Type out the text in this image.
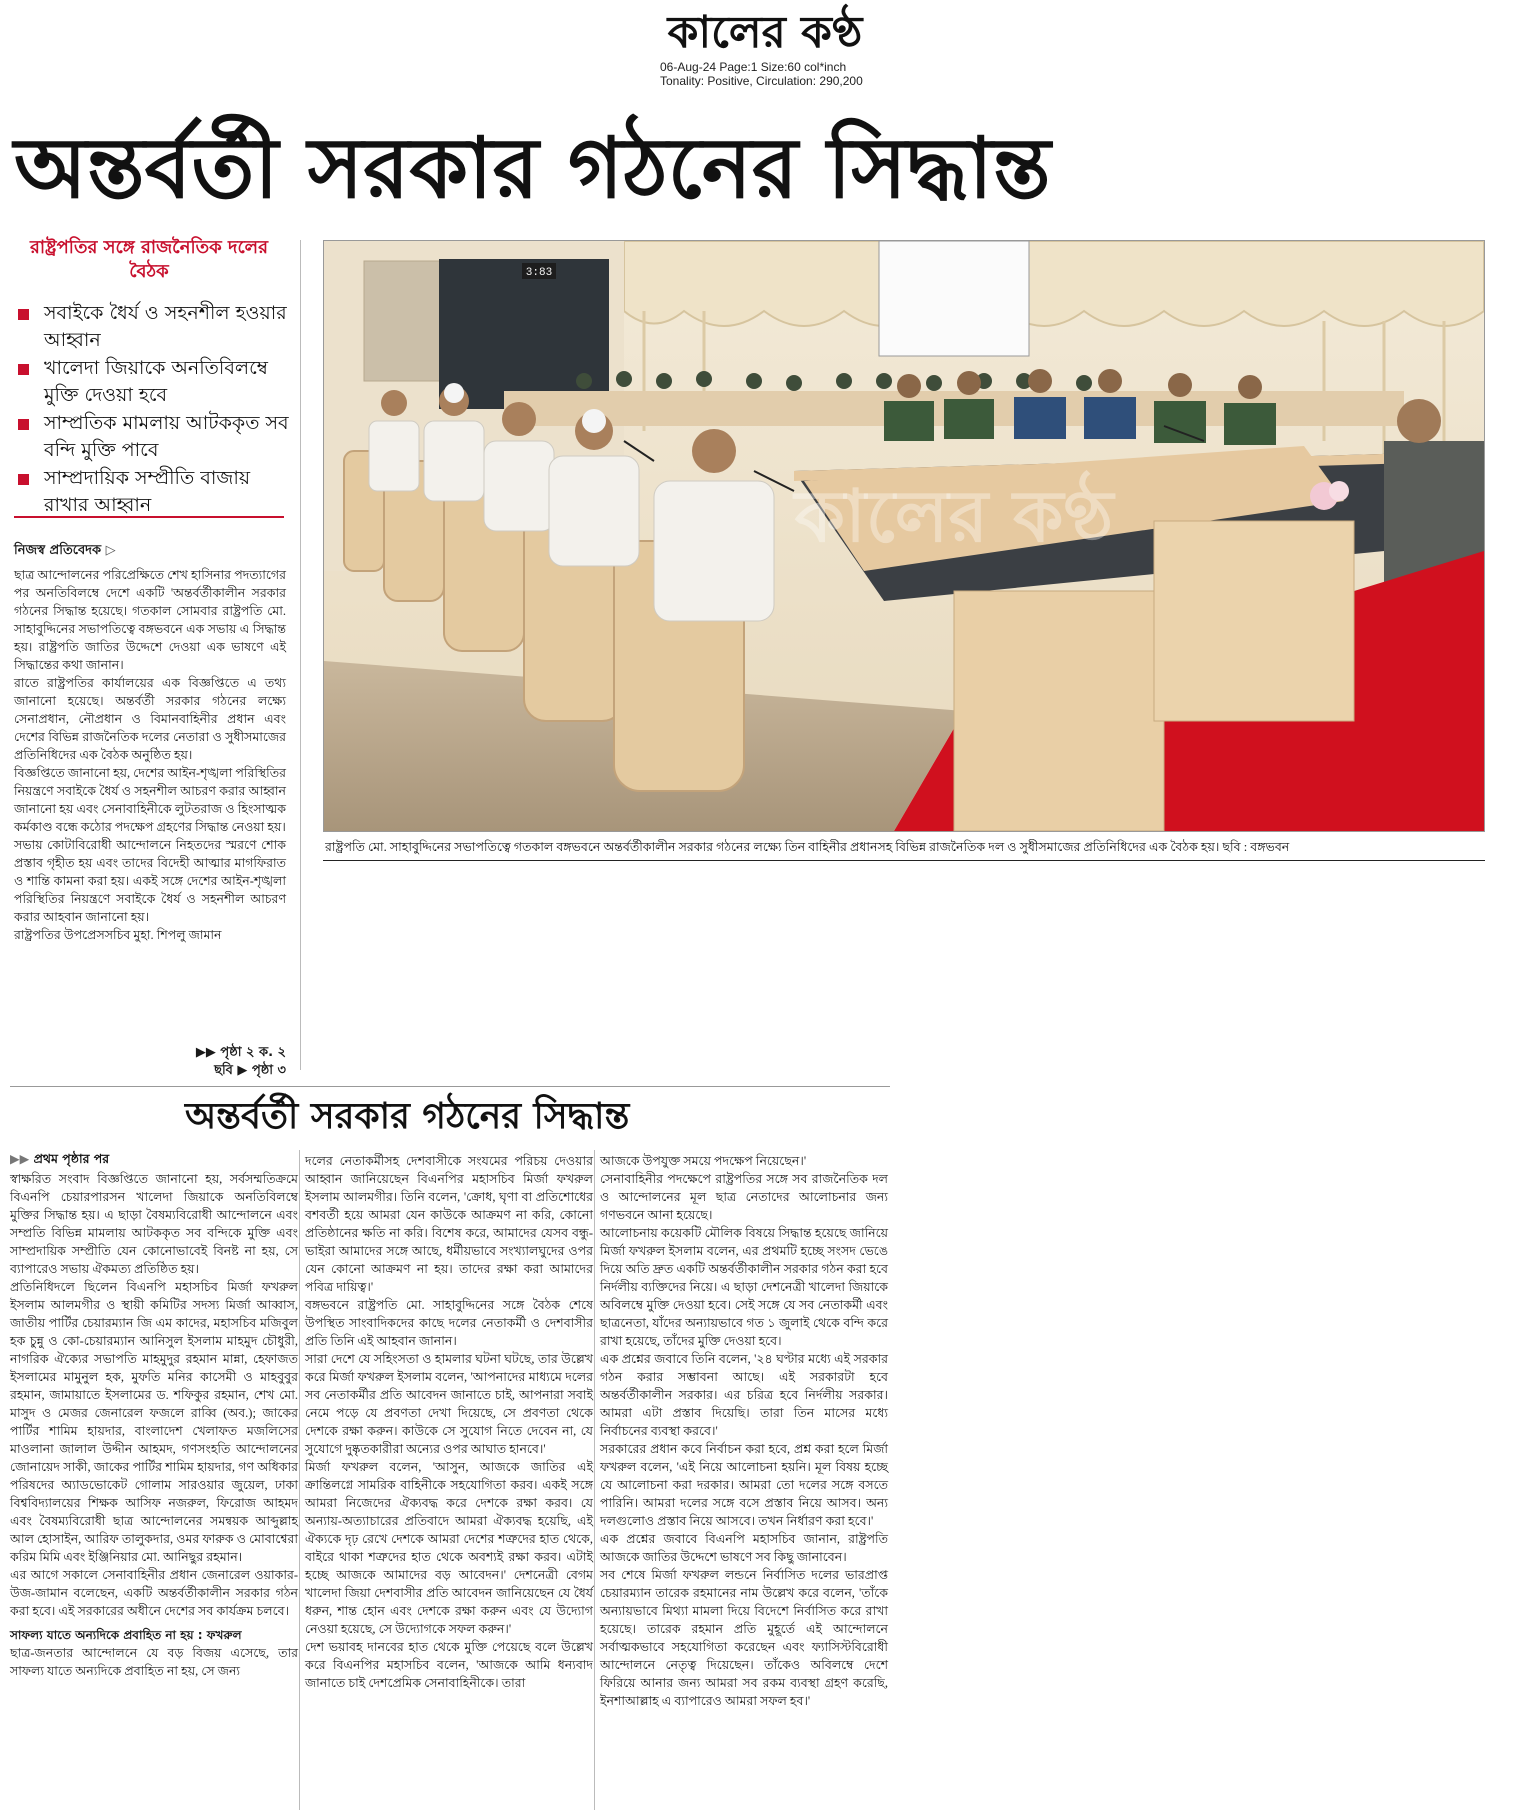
কালের কণ্ঠ
06-Aug-24 Page:1 Size:60 col*inch
Tonality: Positive, Circulation: 290,200
অন্তর্বর্তী সরকার গঠনের সিদ্ধান্ত
রাষ্ট্রপতির সঙ্গে রাজনৈতিক দলের বৈঠক
সবাইকে ধৈর্য ও সহনশীল হওয়ার আহ্বান
খালেদা জিয়াকে অনতিবিলম্বে মুক্তি দেওয়া হবে
সাম্প্রতিক মামলায় আটককৃত সব বন্দি মুক্তি পাবে
সাম্প্রদায়িক সম্প্রীতি বাজায় রাখার আহ্বান
নিজস্ব প্রতিবেদক ▷

ছাত্র আন্দোলনের পরিপ্রেক্ষিতে শেখ হাসিনার পদত্যাগের পর অনতিবিলম্বে দেশে একটি 'অন্তর্বর্তীকালীন সরকার গঠনের সিদ্ধান্ত হয়েছে। গতকাল সোমবার রাষ্ট্রপতি মো. সাহাবুদ্দিনের সভাপতিত্বে বঙ্গভবনে এক সভায় এ সিদ্ধান্ত হয়। রাষ্ট্রপতি জাতির উদ্দেশে দেওয়া এক ভাষণে এই সিদ্ধান্তের কথা জানান।

রাতে রাষ্ট্রপতির কার্যালয়ের এক বিজ্ঞপ্তিতে এ তথ্য জানানো হয়েছে। অন্তর্বর্তী সরকার গঠনের লক্ষ্যে সেনাপ্রধান, নৌপ্রধান ও বিমানবাহিনীর প্রধান এবং দেশের বিভিন্ন রাজনৈতিক দলের নেতারা ও সুধীসমাজের প্রতিনিধিদের এক বৈঠক অনুষ্ঠিত হয়।

বিজ্ঞপ্তিতে জানানো হয়, দেশের আইন-শৃঙ্খলা পরিস্থিতির নিয়ন্ত্রণে সবাইকে ধৈর্য ও সহনশীল আচরণ করার আহ্বান জানানো হয় এবং সেনাবাহিনীকে লুটতরাজ ও হিংসাত্মক কর্মকাণ্ড বন্ধে কঠোর পদক্ষেপ গ্রহণের সিদ্ধান্ত নেওয়া হয়।

সভায় কোটাবিরোধী আন্দোলনে নিহতদের স্মরণে শোক প্রস্তাব গৃহীত হয় এবং তাদের বিদেহী আত্মার মাগফিরাত ও শান্তি কামনা করা হয়। একই সঙ্গে দেশের আইন-শৃঙ্খলা পরিস্থিতির নিয়ন্ত্রণে সবাইকে ধৈর্য ও সহনশীল আচরণ করার আহবান জানানো হয়।

রাষ্ট্রপতির উপপ্রেসসচিব মুহা. শিপলু জামান

▶▶ পৃষ্ঠা ২ ক. ২
ছবি ▶ পৃষ্ঠা ৩
3:83
কালের কণ্ঠ
রাষ্ট্রপতি মো. সাহাবুদ্দিনের সভাপতিত্বে গতকাল বঙ্গভবনে অন্তর্বর্তীকালীন সরকার গঠনের লক্ষ্যে তিন বাহিনীর প্রধানসহ বিভিন্ন রাজনৈতিক দল ও সুধীসমাজের প্রতিনিধিদের এক বৈঠক হয়। ছবি : বঙ্গভবন
অন্তর্বর্তী সরকার গঠনের সিদ্ধান্ত
▶▶ প্রথম পৃষ্ঠার পর

স্বাক্ষরিত সংবাদ বিজ্ঞপ্তিতে জানানো হয়, সর্বসম্মতিক্রমে বিএনপি চেয়ারপারসন খালেদা জিয়াকে অনতিবিলম্বে মুক্তির সিদ্ধান্ত হয়। এ ছাড়া বৈষম্যবিরোধী আন্দোলনে এবং সম্প্রতি বিভিন্ন মামলায় আটককৃত সব বন্দিকে মুক্তি এবং সাম্প্রদায়িক সম্প্রীতি যেন কোনোভাবেই বিনষ্ট না হয়, সে ব্যাপারেও সভায় ঐকমত্য প্রতিষ্ঠিত হয়।

প্রতিনিধিদলে ছিলেন বিএনপি মহাসচিব মির্জা ফখরুল ইসলাম আলমগীর ও স্থায়ী কমিটির সদস্য মির্জা আব্বাস, জাতীয় পার্টির চেয়ারম্যান জি এম কাদের, মহাসচিব মজিবুল হক চুন্নু ও কো-চেয়ারম্যান আনিসুল ইসলাম মাহমুদ চৌধুরী, নাগরিক ঐক্যের সভাপতি মাহমুদুর রহমান মান্না, হেফাজত ইসলামের মামুনুল হক, মুফতি মনির কাসেমী ও মাহবুবুর রহমান, জামায়াতে ইসলামের ড. শফিকুর রহমান, শেখ মো. মাসুদ ও মেজর জেনারেল ফজলে রাব্বি (অব.); জাকের পার্টির শামিম হায়দার, বাংলাদেশ খেলাফত মজলিসের মাওলানা জালাল উদ্দীন আহমদ, গণসংহতি আন্দোলনের জোনায়েদ সাকী, জাকের পার্টির শামিম হায়দার, গণ অধিকার পরিষদের অ্যাডভোকেট গোলাম সারওয়ার জুয়েল, ঢাকা বিশ্ববিদ্যালয়ের শিক্ষক আসিফ নজরুল, ফিরোজ আহমদ এবং বৈষম্যবিরোধী ছাত্র আন্দোলনের সমন্বয়ক আব্দুল্লাহ আল হোসাইন, আরিফ তালুকদার, ওমর ফারুক ও মোবাশ্বেরা করিম মিমি এবং ইঞ্জিনিয়ার মো. আনিছুর রহমান।

এর আগে সকালে সেনাবাহিনীর প্রধান জেনারেল ওয়াকার-উজ-জামান বলেছেন, একটি অন্তর্বর্তীকালীন সরকার গঠন করা হবে। এই সরকারের অধীনে দেশের সব কার্যক্রম চলবে।

সাফল্য যাতে অন্যদিকে প্রবাহিত না হয় : ফখরুল

ছাত্র-জনতার আন্দোলনে যে বড় বিজয় এসেছে, তার সাফল্য যাতে অন্যদিকে প্রবাহিত না হয়, সে জন্য

দলের নেতাকর্মীসহ দেশবাসীকে সংযমের পরিচয় দেওয়ার আহ্বান জানিয়েছেন বিএনপির মহাসচিব মির্জা ফখরুল ইসলাম আলমগীর। তিনি বলেন, 'ক্রোধ, ঘৃণা বা প্রতিশোধের বশবর্তী হয়ে আমরা যেন কাউকে আক্রমণ না করি, কোনো প্রতিষ্ঠানের ক্ষতি না করি। বিশেষ করে, আমাদের যেসব বন্ধু-ভাইরা আমাদের সঙ্গে আছে, ধর্মীয়ভাবে সংখ্যালঘুদের ওপর যেন কোনো আক্রমণ না হয়। তাদের রক্ষা করা আমাদের পবিত্র দায়িত্ব।'

বঙ্গভবনে রাষ্ট্রপতি মো. সাহাবুদ্দিনের সঙ্গে বৈঠক শেষে উপস্থিত সাংবাদিকদের কাছে দলের নেতাকর্মী ও দেশবাসীর প্রতি তিনি এই আহবান জানান।

সারা দেশে যে সহিংসতা ও হামলার ঘটনা ঘটছে, তার উল্লেখ করে মির্জা ফখরুল ইসলাম বলেন, 'আপনাদের মাধ্যমে দলের সব নেতাকর্মীর প্রতি আবেদন জানাতে চাই, আপনারা সবাই নেমে পড়ে যে প্রবণতা দেখা দিয়েছে, সে প্রবণতা থেকে দেশকে রক্ষা করুন। কাউকে সে সুযোগ নিতে দেবেন না, যে সুযোগে দুষ্কৃতকারীরা অন্যের ওপর আঘাত হানবে।'

মির্জা ফখরুল বলেন, 'আসুন, আজকে জাতির এই ক্রান্তিলগ্নে সামরিক বাহিনীকে সহযোগিতা করব। একই সঙ্গে আমরা নিজেদের ঐক্যবদ্ধ করে দেশকে রক্ষা করব। যে অন্যায়-অত্যাচারের প্রতিবাদে আমরা ঐক্যবদ্ধ হয়েছি, এই ঐক্যকে দৃঢ় রেখে দেশকে আমরা দেশের শত্রুদের হাত থেকে, বাইরে থাকা শত্রুদের হাত থেকে অবশ্যই রক্ষা করব। এটাই হচ্ছে আজকে আমাদের বড় আবেদন।' দেশনেত্রী বেগম খালেদা জিয়া দেশবাসীর প্রতি আবেদন জানিয়েছেন যে ধৈর্য ধরুন, শান্ত হোন এবং দেশকে রক্ষা করুন এবং যে উদ্যোগ নেওয়া হয়েছে, সে উদ্যোগকে সফল করুন।'

দেশ ভয়াবহ দানবের হাত থেকে মুক্তি পেয়েছে বলে উল্লেখ করে বিএনপির মহাসচিব বলেন, 'আজকে আমি ধন্যবাদ জানাতে চাই দেশপ্রেমিক সেনাবাহিনীকে। তারা

আজকে উপযুক্ত সময়ে পদক্ষেপ নিয়েছেন।'

সেনাবাহিনীর পদক্ষেপে রাষ্ট্রপতির সঙ্গে সব রাজনৈতিক দল ও আন্দোলনের মূল ছাত্র নেতাদের আলোচনার জন্য গণভবনে আনা হয়েছে।

আলোচনায় কয়েকটি মৌলিক বিষয়ে সিদ্ধান্ত হয়েছে জানিয়ে মির্জা ফখরুল ইসলাম বলেন, এর প্রথমটি হচ্ছে সংসদ ভেঙে দিয়ে অতি দ্রুত একটি অন্তর্বর্তীকালীন সরকার গঠন করা হবে নির্দলীয় ব্যক্তিদের নিয়ে। এ ছাড়া দেশনেত্রী খালেদা জিয়াকে অবিলম্বে মুক্তি দেওয়া হবে। সেই সঙ্গে যে সব নেতাকর্মী এবং ছাত্রনেতা, যাঁদের অন্যায়ভাবে গত ১ জুলাই থেকে বন্দি করে রাখা হয়েছে, তাঁদের মুক্তি দেওয়া হবে।

এক প্রশ্নের জবাবে তিনি বলেন, '২৪ ঘণ্টার মধ্যে এই সরকার গঠন করার সম্ভাবনা আছে। এই সরকারটা হবে অন্তর্বর্তীকালীন সরকার। এর চরিত্র হবে নির্দলীয় সরকার। আমরা এটা প্রস্তাব দিয়েছি। তারা তিন মাসের মধ্যে নির্বাচনের ব্যবস্থা করবে।'

সরকারের প্রধান কবে নির্বাচন করা হবে, প্রশ্ন করা হলে মির্জা ফখরুল বলেন, 'এই নিয়ে আলোচনা হয়নি। মূল বিষয় হচ্ছে যে আলোচনা করা দরকার। আমরা তো দলের সঙ্গে বসতে পারিনি। আমরা দলের সঙ্গে বসে প্রস্তাব নিয়ে আসব। অন্য দলগুলোও প্রস্তাব নিয়ে আসবে। তখন নির্ধারণ করা হবে।'

এক প্রশ্নের জবাবে বিএনপি মহাসচিব জানান, রাষ্ট্রপতি আজকে জাতির উদ্দেশে ভাষণে সব কিছু জানাবেন।

সব শেষে মির্জা ফখরুল লন্ডনে নির্বাসিত দলের ভারপ্রাপ্ত চেয়ারম্যান তারেক রহমানের নাম উল্লেখ করে বলেন, 'তাঁকে অন্যায়ভাবে মিথ্যা মামলা দিয়ে বিদেশে নির্বাসিত করে রাখা হয়েছে। তারেক রহমান প্রতি মুহূর্তে এই আন্দোলনে সর্বাত্মকভাবে সহযোগিতা করেছেন এবং ফ্যাসিস্টবিরোধী আন্দোলনে নেতৃত্ব দিয়েছেন। তাঁকেও অবিলম্বে দেশে ফিরিয়ে আনার জন্য আমরা সব রকম ব্যবস্থা গ্রহণ করেছি, ইনশাআল্লাহ এ ব্যাপারেও আমরা সফল হব।'
